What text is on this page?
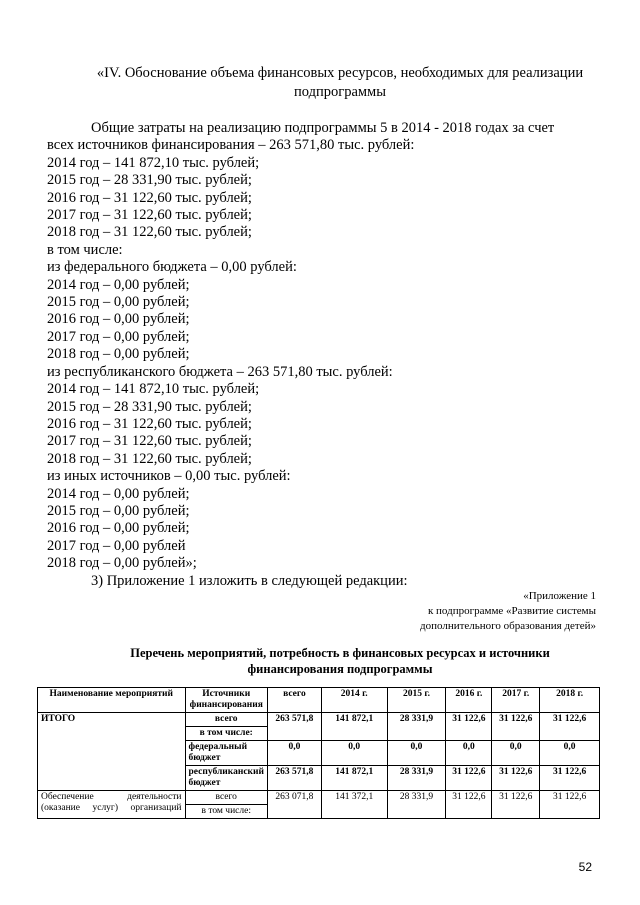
«IV. Обоснование объема финансовых ресурсов, необходимых для реализации
подпрограммы
Общие затраты на реализацию подпрограммы 5 в 2014 - 2018 годах за счет
всех источников финансирования – 263 571,80 тыс. рублей:
2014 год – 141 872,10 тыс. рублей;
2015 год – 28 331,90 тыс. рублей;
2016 год – 31 122,60 тыс. рублей;
2017 год – 31 122,60 тыс. рублей;
2018 год – 31 122,60 тыс. рублей;
в том числе:
из федерального бюджета – 0,00 рублей:
2014 год – 0,00 рублей;
2015 год – 0,00 рублей;
2016 год – 0,00 рублей;
2017 год – 0,00 рублей;
2018 год – 0,00 рублей;
из республиканского бюджета – 263 571,80 тыс. рублей:
2014 год – 141 872,10 тыс. рублей;
2015 год – 28 331,90 тыс. рублей;
2016 год – 31 122,60 тыс. рублей;
2017 год – 31 122,60 тыс. рублей;
2018 год – 31 122,60 тыс. рублей;
из иных источников – 0,00 тыс. рублей:
2014 год – 0,00 рублей;
2015 год – 0,00 рублей;
2016 год – 0,00 рублей;
2017 год – 0,00 рублей
2018 год – 0,00 рублей»;
3) Приложение 1 изложить в следующей редакции:
«Приложение 1
к подпрограмме «Развитие системы
дополнительного образования детей»
Перечень мероприятий, потребность в финансовых ресурсах и источники
финансирования подпрограммы
Наименование мероприятий	Источники финансирования	всего	2014 г.	2015 г.	2016 г.	2017 г.	2018 г.
ИТОГО	всего	263 571,8	141 872,1	28 331,9	31 122,6	31 122,6	31 122,6
	в том числе:						
	федеральный бюджет	0,0	0,0	0,0	0,0	0,0	0,0
	республиканский бюджет	263 571,8	141 872,1	28 331,9	31 122,6	31 122,6	31 122,6
Обеспечение деятельности (оказание услуг) организаций	всего	263 071,8	141 372,1	28 331,9	31 122,6	31 122,6	31 122,6
	в том числе:						
52
